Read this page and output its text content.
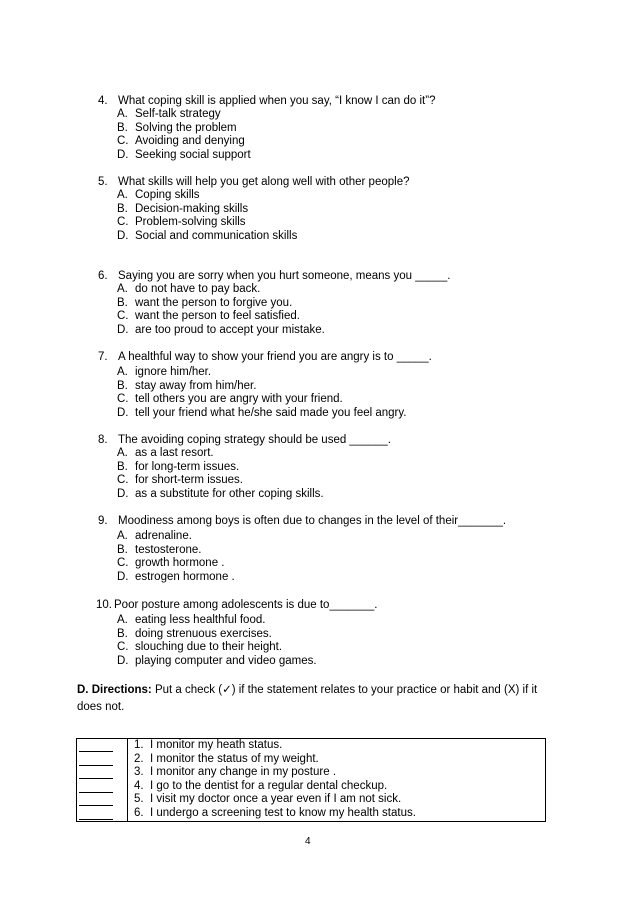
4. What coping skill is applied when you say, “I know I can do it”?
A. Self-talk strategy
B. Solving the problem
C. Avoiding and denying
D. Seeking social support
5. What skills will help you get along well with other people?
A. Coping skills
B. Decision-making skills
C. Problem-solving skills
D. Social and communication skills
6. Saying you are sorry when you hurt someone, means you _____.
A. do not have to pay back.
B. want the person to forgive you.
C. want the person to feel satisfied.
D. are too proud to accept your mistake.
7. A healthful way to show your friend you are angry is to _____.
A. ignore him/her.
B. stay away from him/her.
C. tell others you are angry with your friend.
D. tell your friend what he/she said made you feel angry.
8. The avoiding coping strategy should be used ______.
A. as a last resort.
B. for long-term issues.
C. for short-term issues.
D. as a substitute for other coping skills.
9. Moodiness among boys is often due to changes in the level of their_______.
A. adrenaline.
B. testosterone.
C. growth hormone .
D. estrogen hormone .
10. Poor posture among adolescents is due to_______.
A. eating less healthful food.
B. doing strenuous exercises.
C. slouching due to their height.
D. playing computer and video games.
D. Directions: Put a check (✓) if the statement relates to your practice or habit and (X) if it does not.

1. I monitor my heath status.
2. I monitor the status of my weight.
3. I monitor any change in my posture .
4. I go to the dentist for a regular dental checkup.
5. I visit my doctor once a year even if I am not sick.
6. I undergo a screening test to know my health status.
4
